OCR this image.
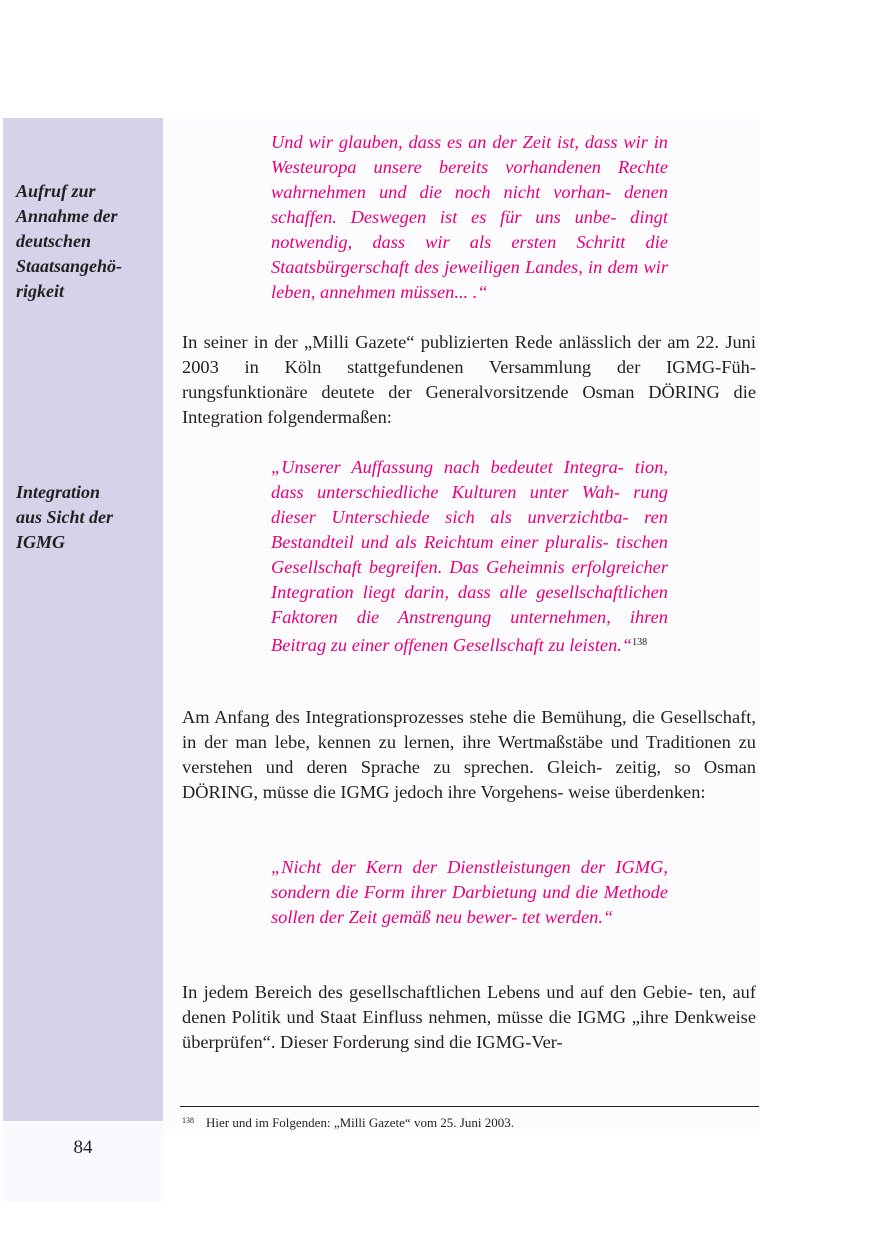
Aufruf zur
Annahme der
deutschen
Staatsangehö-
rigkeit
Integration
aus Sicht der
IGMG
Und wir glauben, dass es an der Zeit ist, dass wir in Westeuropa unsere bereits vorhandenen Rechte wahrnehmen und die noch nicht vorhan- denen schaffen. Deswegen ist es für uns unbe- dingt notwendig, dass wir als ersten Schritt die Staatsbürgerschaft des jeweiligen Landes, in dem wir leben, annehmen müssen... .“
In seiner in der „Milli Gazete“ publizierten Rede anlässlich der am 22. Juni 2003 in Köln stattgefundenen Versammlung der IGMG-Füh- rungsfunktionäre deutete der Generalvorsitzende Osman DÖRING die Integration folgendermaßen:
„Unserer Auffassung nach bedeutet Integra- tion, dass unterschiedliche Kulturen unter Wah- rung dieser Unterschiede sich als unverzichtba- ren Bestandteil und als Reichtum einer pluralis- tischen Gesellschaft begreifen. Das Geheimnis erfolgreicher Integration liegt darin, dass alle gesellschaftlichen Faktoren die Anstrengung unternehmen, ihren Beitrag zu einer offenen Gesellschaft zu leisten.“$^{138}$
Am Anfang des Integrationsprozesses stehe die Bemühung, die Gesellschaft, in der man lebe, kennen zu lernen, ihre Wertmaßstäbe und Traditionen zu verstehen und deren Sprache zu sprechen. Gleich- zeitig, so Osman DÖRING, müsse die IGMG jedoch ihre Vorgehens- weise überdenken:
„Nicht der Kern der Dienstleistungen der IGMG, sondern die Form ihrer Darbietung und die Methode sollen der Zeit gemäß neu bewer- tet werden.“
In jedem Bereich des gesellschaftlichen Lebens und auf den Gebie- ten, auf denen Politik und Staat Einfluss nehmen, müsse die IGMG „ihre Denkweise überprüfen“. Dieser Forderung sind die IGMG-Ver-
$^{138}$ Hier und im Folgenden: „Milli Gazete“ vom 25. Juni 2003.
84
